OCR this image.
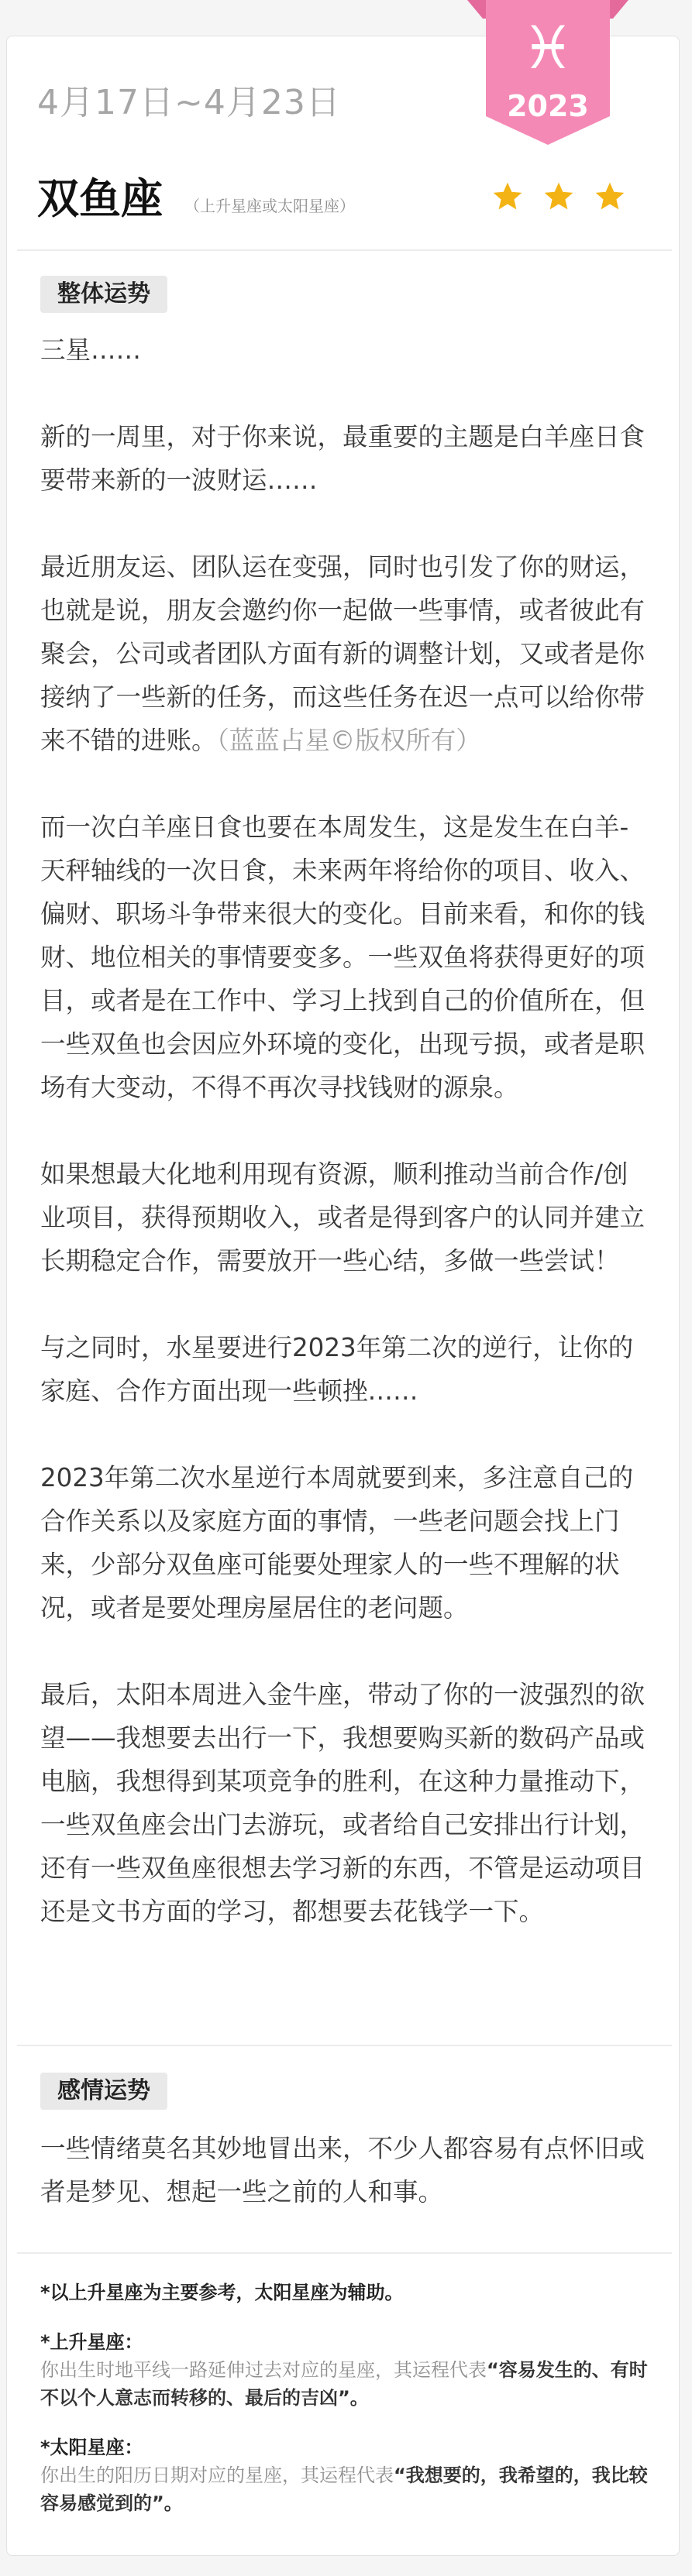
♓
2023
4月17日~4月23日
双鱼座 （上升星座或太阳星座）
整体运势

三星……

新的一周里，对于你来说，最重要的主题是白羊座日食要带来新的一波财运……

最近朋友运、团队运在变强，同时也引发了你的财运，也就是说，朋友会邀约你一起做一些事情，或者彼此有聚会，公司或者团队方面有新的调整计划，又或者是你接纳了一些新的任务，而这些任务在迟一点可以给你带来不错的进账。（蓝蓝占星©版权所有）

而一次白羊座日食也要在本周发生，这是发生在白羊-天秤轴线的一次日食，未来两年将给你的项目、收入、偏财、职场斗争带来很大的变化。目前来看，和你的钱财、地位相关的事情要变多。一些双鱼将获得更好的项目，或者是在工作中、学习上找到自己的价值所在，但一些双鱼也会因应外环境的变化，出现亏损，或者是职场有大变动，不得不再次寻找钱财的源泉。

如果想最大化地利用现有资源，顺利推动当前合作/创业项目，获得预期收入，或者是得到客户的认同并建立长期稳定合作，需要放开一些心结，多做一些尝试！

与之同时，水星要进行2023年第二次的逆行，让你的家庭、合作方面出现一些顿挫……

2023年第二次水星逆行本周就要到来，多注意自己的合作关系以及家庭方面的事情，一些老问题会找上门来，少部分双鱼座可能要处理家人的一些不理解的状况，或者是要处理房屋居住的老问题。

最后，太阳本周进入金牛座，带动了你的一波强烈的欲望——我想要去出行一下，我想要购买新的数码产品或电脑，我想得到某项竞争的胜利，在这种力量推动下，一些双鱼座会出门去游玩，或者给自己安排出行计划，还有一些双鱼座很想去学习新的东西，不管是运动项目还是文书方面的学习，都想要去花钱学一下。

感情运势

一些情绪莫名其妙地冒出来，不少人都容易有点怀旧或者是梦见、想起一些之前的人和事。

*以上升星座为主要参考，太阳星座为辅助。
*上升星座：
你出生时地平线一路延伸过去对应的星座，其运程代表“容易发生的、有时不以个人意志而转移的、最后的吉凶”。
*太阳星座：
你出生的阳历日期对应的星座，其运程代表“我想要的，我希望的，我比较容易感觉到的”。
